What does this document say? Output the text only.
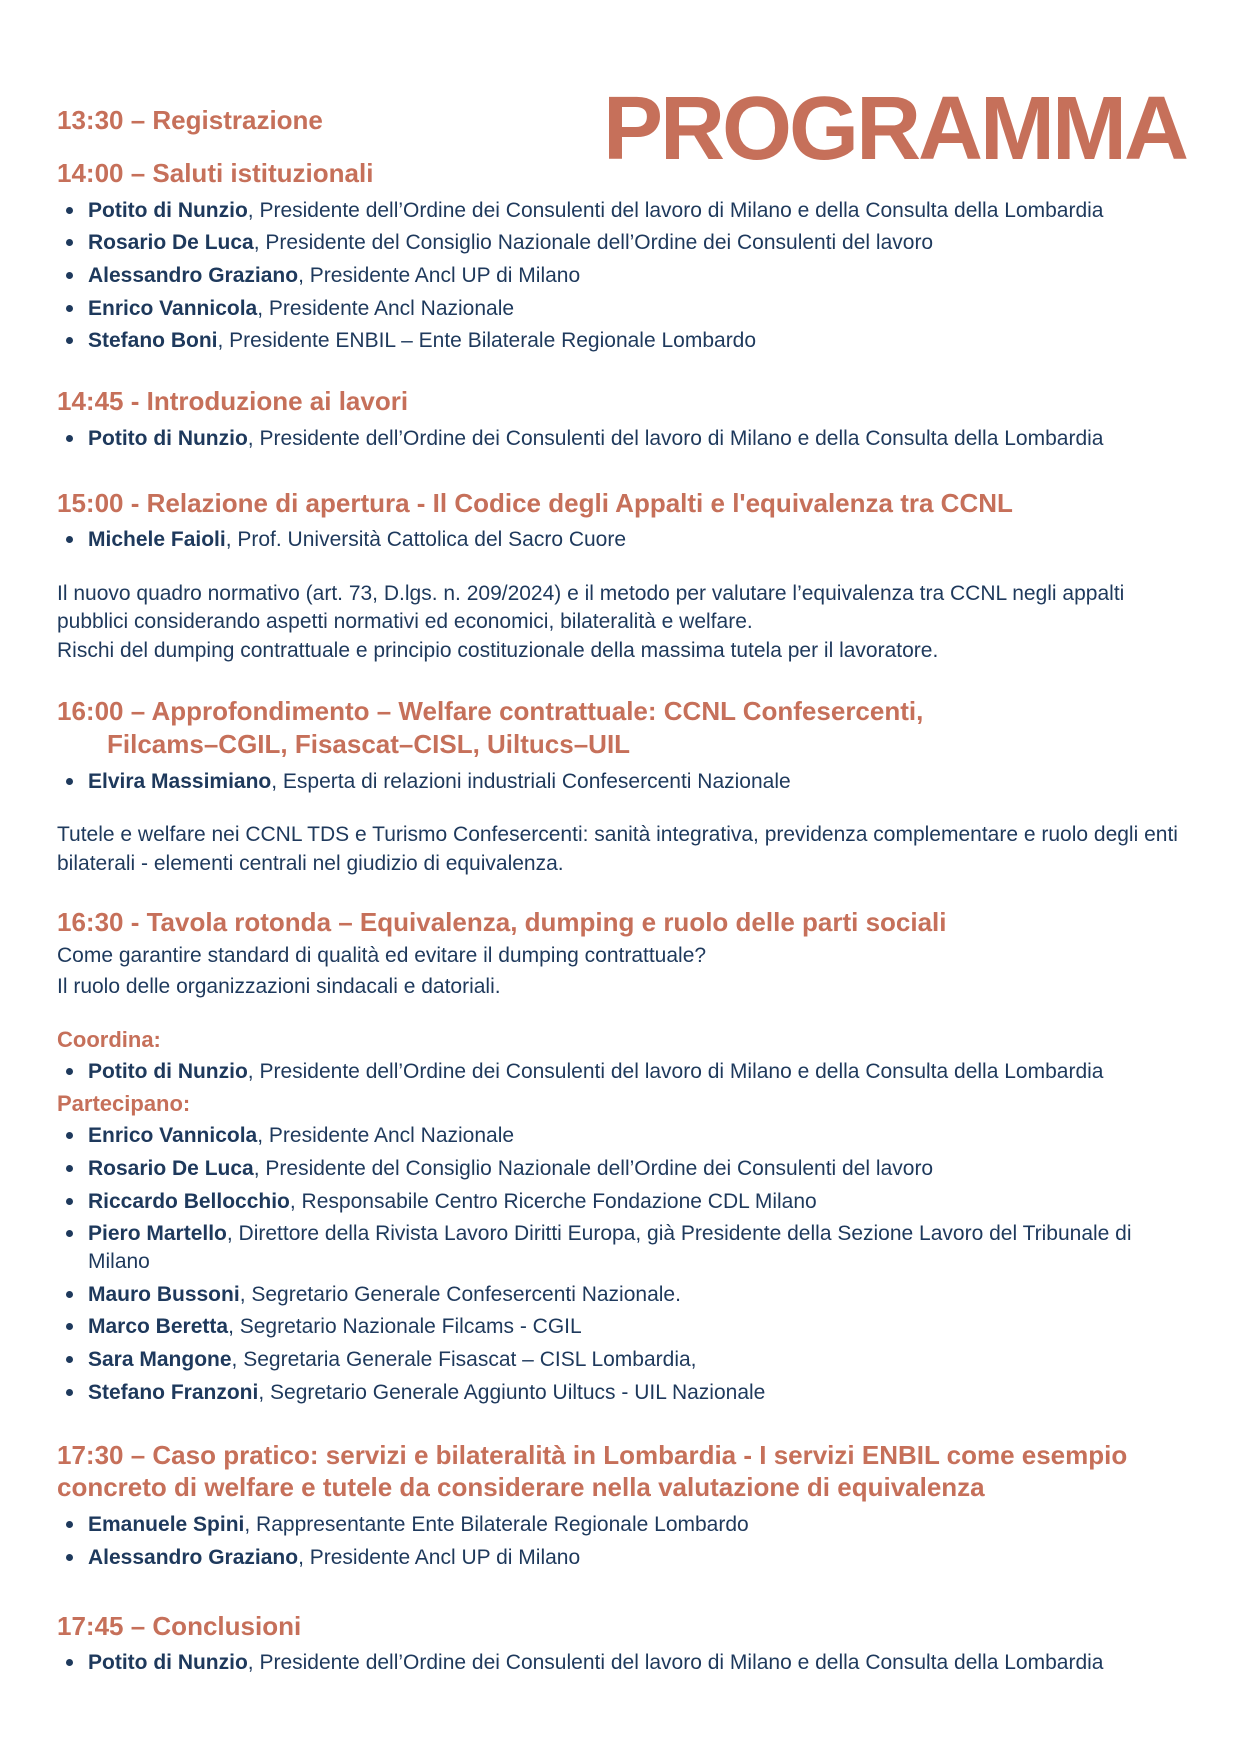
PROGRAMMA
13:30 – Registrazione
14:00 – Saluti istituzionali
Potito di Nunzio, Presidente dell’Ordine dei Consulenti del lavoro di Milano e della Consulta della Lombardia
Rosario De Luca, Presidente del Consiglio Nazionale dell’Ordine dei Consulenti del lavoro
Alessandro Graziano, Presidente Ancl UP di Milano
Enrico Vannicola, Presidente Ancl Nazionale
Stefano Boni, Presidente ENBIL – Ente Bilaterale Regionale Lombardo
14:45 - Introduzione ai lavori
Potito di Nunzio, Presidente dell’Ordine dei Consulenti del lavoro di Milano e della Consulta della Lombardia
15:00 - Relazione di apertura - Il Codice degli Appalti e l'equivalenza tra CCNL
Michele Faioli, Prof. Università Cattolica del Sacro Cuore

Il nuovo quadro normativo (art. 73, D.lgs. n. 209/2024) e il metodo per valutare l’equivalenza tra CCNL negli appalti pubblici considerando aspetti normativi ed economici, bilateralità e welfare.

Rischi del dumping contrattuale e principio costituzionale della massima tutela per il lavoratore.

16:00 – Approfondimento – Welfare contrattuale: CCNL Confesercenti,
Filcams–CGIL, Fisascat–CISL, Uiltucs–UIL
Elvira Massimiano, Esperta di relazioni industriali Confesercenti Nazionale

Tutele e welfare nei CCNL TDS e Turismo Confesercenti: sanità integrativa, previdenza complementare e ruolo degli enti bilaterali - elementi centrali nel giudizio di equivalenza.

16:30 - Tavola rotonda – Equivalenza, dumping e ruolo delle parti sociali

Come garantire standard di qualità ed evitare il dumping contrattuale?

Il ruolo delle organizzazioni sindacali e datoriali.

Coordina:
Potito di Nunzio, Presidente dell’Ordine dei Consulenti del lavoro di Milano e della Consulta della Lombardia
Partecipano:
Enrico Vannicola, Presidente Ancl Nazionale
Rosario De Luca, Presidente del Consiglio Nazionale dell’Ordine dei Consulenti del lavoro
Riccardo Bellocchio, Responsabile Centro Ricerche Fondazione CDL Milano
Piero Martello, Direttore della Rivista Lavoro Diritti Europa, già Presidente della Sezione Lavoro del Tribunale di Milano
Mauro Bussoni, Segretario Generale Confesercenti Nazionale.
Marco Beretta, Segretario Nazionale Filcams - CGIL
Sara Mangone, Segretaria Generale Fisascat – CISL Lombardia,
Stefano Franzoni, Segretario Generale Aggiunto Uiltucs - UIL Nazionale
17:30 – Caso pratico: servizi e bilateralità in Lombardia - I servizi ENBIL come esempio concreto di welfare e tutele da considerare nella valutazione di equivalenza
Emanuele Spini, Rappresentante Ente Bilaterale Regionale Lombardo
Alessandro Graziano, Presidente Ancl UP di Milano
17:45 – Conclusioni
Potito di Nunzio, Presidente dell’Ordine dei Consulenti del lavoro di Milano e della Consulta della Lombardia
